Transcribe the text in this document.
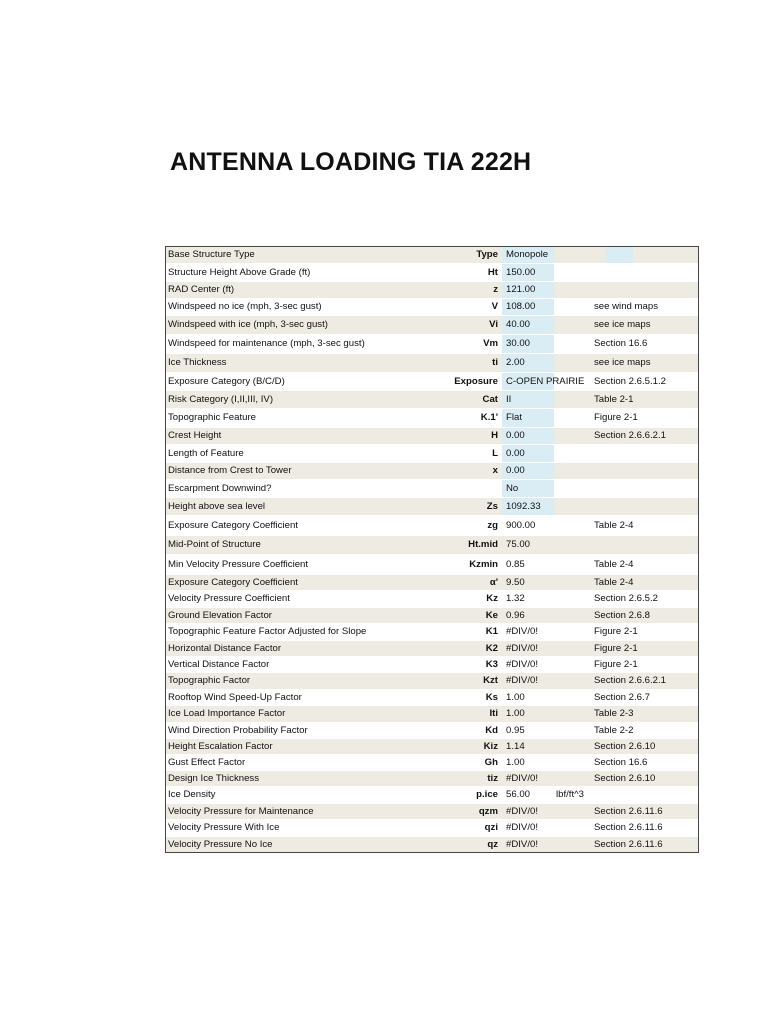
ANTENNA LOADING TIA 222H
Base Structure Type	Type Monopole
Structure Height Above Grade (ft)	Ht 150.00
RAD Center (ft)	z 121.00
Windspeed no ice (mph, 3-sec gust)	V 108.00	see wind maps
Windspeed with ice (mph, 3-sec gust)	Vi 40.00	see ice maps
Windspeed for maintenance (mph, 3-sec gust)	Vm 30.00	Section 16.6
Ice Thickness	ti 2.00	see ice maps
Exposure Category (B/C/D)	Exposure C-OPEN PRAIRIE Section 2.6.5.1.2
Risk Category (I,II,III, IV)	Cat II	Table 2-1
Topographic Feature	K.1' Flat	Figure 2-1
Crest Height	H 0.00	Section 2.6.6.2.1
Length of Feature	L 0.00
Distance from Crest to Tower	x 0.00
Escarpment Downwind?	No
Height above sea level	Zs 1092.33
Exposure Category Coefficient	zg 900.00	Table 2-4
Mid-Point of Structure	Ht.mid 75.00
Min Velocity Pressure Coefficient	Kzmin 0.85	Table 2-4
Exposure Category Coefficient	α' 9.50	Table 2-4
Velocity Pressure Coefficient	Kz 1.32	Section 2.6.5.2
Ground Elevation Factor	Ke 0.96	Section 2.6.8
Topographic Feature Factor Adjusted for Slope	K1 #DIV/0!	Figure 2-1
Horizontal Distance Factor	K2 #DIV/0!	Figure 2-1
Vertical Distance Factor	K3 #DIV/0!	Figure 2-1
Topographic Factor	Kzt #DIV/0!	Section 2.6.6.2.1
Rooftop Wind Speed-Up Factor	Ks 1.00	Section 2.6.7
Ice Load Importance Factor	Iti 1.00	Table 2-3
Wind Direction Probability Factor	Kd 0.95	Table 2-2
Height Escalation Factor	Kiz 1.14	Section 2.6.10
Gust Effect Factor	Gh 1.00	Section 16.6
Design Ice Thickness	tiz #DIV/0!	Section 2.6.10
Ice Density	p.ice 56.00	lbf/ft^3
Velocity Pressure for Maintenance	qzm #DIV/0!	Section 2.6.11.6
Velocity Pressure With Ice	qzi #DIV/0!	Section 2.6.11.6
Velocity Pressure No Ice	qz #DIV/0!	Section 2.6.11.6
